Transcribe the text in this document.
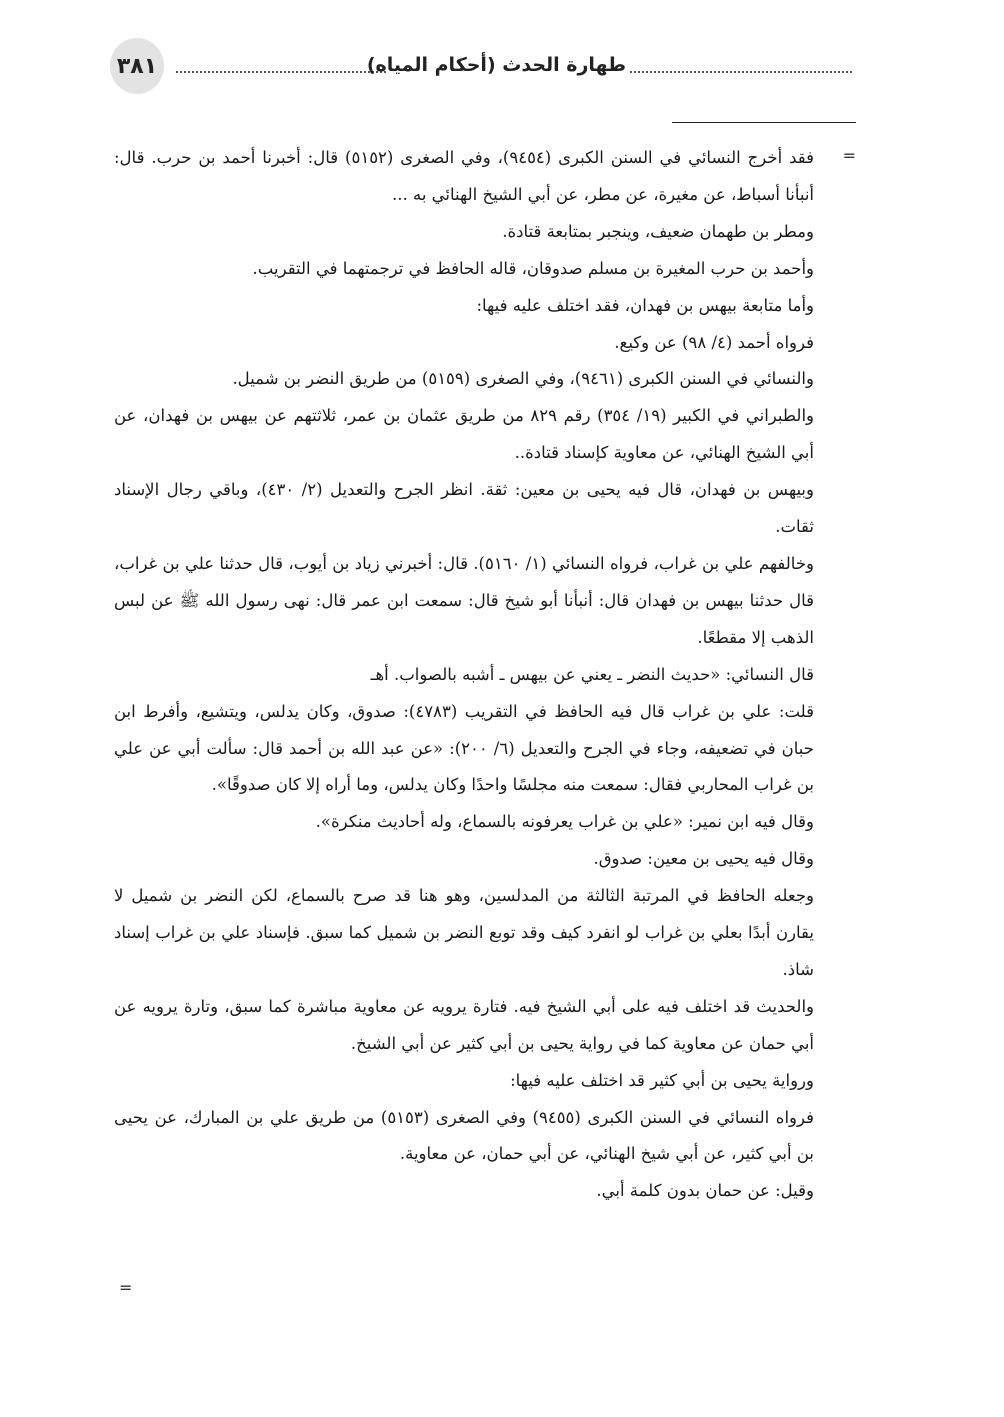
٣٨١	طهارة الحدث (أحكام المياه)
=

فقد أخرج النسائي في السنن الكبرى (٩٤٥٤)، وفي الصغرى (٥١٥٢) قال: أخبرنا أحمد بن حرب. قال: أنبأنا أسباط، عن مغيرة، عن مطر، عن أبي الشيخ الهنائي به ...

ومطر بن طهمان ضعيف، وينجبر بمتابعة قتادة.

وأحمد بن حرب المغيرة بن مسلم صدوقان، قاله الحافظ في ترجمتهما في التقريب.

وأما متابعة بيهس بن فهدان، فقد اختلف عليه فيها:

فرواه أحمد (٤/ ٩٨) عن وكيع.

والنسائي في السنن الكبرى (٩٤٦١)، وفي الصغرى (٥١٥٩) من طريق النضر بن شميل.

والطبراني في الكبير (١٩/ ٣٥٤) رقم ٨٢٩ من طريق عثمان بن عمر، ثلاثتهم عن بيهس بن فهدان، عن أبي الشيخ الهنائي، عن معاوية كإسناد قتادة..

وبيهس بن فهدان، قال فيه يحيى بن معين: ثقة. انظر الجرح والتعديل (٢/ ٤٣٠)، وباقي رجال الإسناد ثقات.

وخالفهم علي بن غراب، فرواه النسائي (١/ ٥١٦٠). قال: أخبرني زياد بن أيوب، قال حدثنا علي بن غراب، قال حدثنا بيهس بن فهدان قال: أنبأنا أبو شيخ قال: سمعت ابن عمر قال: نهى رسول الله ﷺ عن لبس الذهب إلا مقطعًا.

قال النسائي: «حديث النضر ـ يعني عن بيهس ـ أشبه بالصواب. أهـ

قلت: علي بن غراب قال فيه الحافظ في التقريب (٤٧٨٣): صدوق، وكان يدلس، ويتشيع، وأفرط ابن حبان في تضعيفه، وجاء في الجرح والتعديل (٦/ ٢٠٠): «عن عبد الله بن أحمد قال: سألت أبي عن علي بن غراب المحاربي فقال: سمعت منه مجلسًا واحدًا وكان يدلس، وما أراه إلا كان صدوقًا».

وقال فيه ابن نمير: «علي بن غراب يعرفونه بالسماع، وله أحاديث منكرة».

وقال فيه يحيى بن معين: صدوق.

وجعله الحافظ في المرتبة الثالثة من المدلسين، وهو هنا قد صرح بالسماع، لكن النضر بن شميل لا يقارن أبدًا بعلي بن غراب لو انفرد كيف وقد توبع النضر بن شميل كما سبق. فإسناد علي بن غراب إسناد شاذ.

والحديث قد اختلف فيه على أبي الشيخ فيه. فتارة يرويه عن معاوية مباشرة كما سبق، وتارة يرويه عن أبي حمان عن معاوية كما في رواية يحيى بن أبي كثير عن أبي الشيخ.

ورواية يحيى بن أبي كثير قد اختلف عليه فيها:

فرواه النسائي في السنن الكبرى (٩٤٥٥) وفي الصغرى (٥١٥٣) من طريق علي بن المبارك، عن يحيى بن أبي كثير، عن أبي شيخ الهنائي، عن أبي حمان، عن معاوية.

وقيل: عن حمان بدون كلمة أبي.

=
